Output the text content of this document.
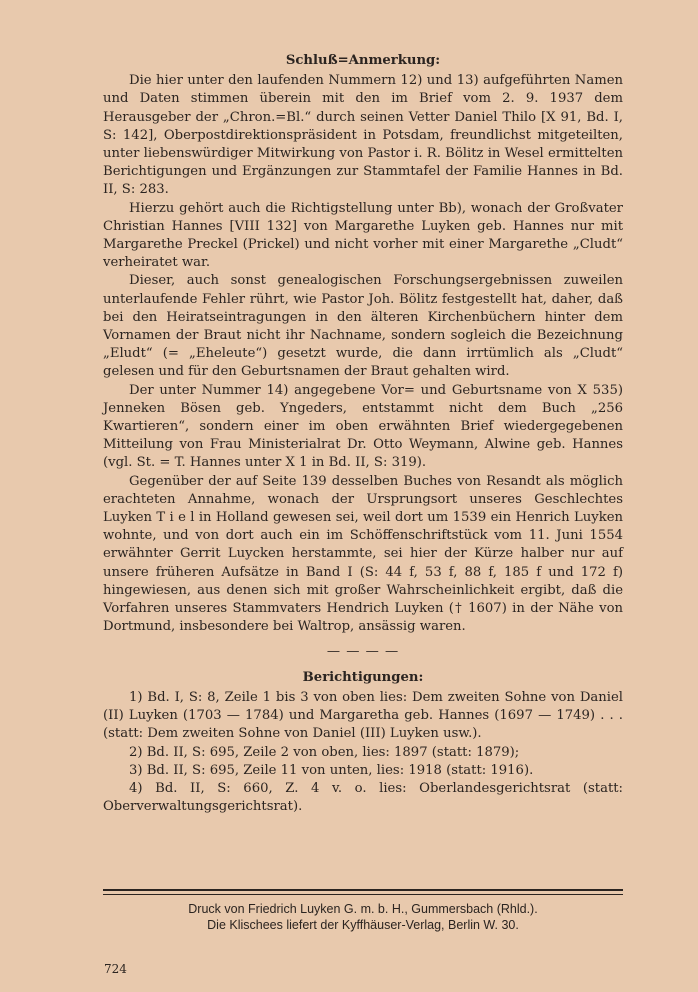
Schluß=Anmerkung:

Die hier unter den laufenden Nummern 12) und 13) aufgeführten Namen und Daten stimmen überein mit den im Brief vom 2. 9. 1937 dem Herausgeber der „Chron.=Bl.“ durch seinen Vetter Daniel Thilo [X 91, Bd. I, S: 142], Oberpostdirektionspräsident in Potsdam, freundlichst mitgeteilten, unter liebenswürdiger Mitwirkung von Pastor i. R. Bölitz in Wesel ermittelten Berichtigungen und Ergänzungen zur Stammtafel der Familie Hannes in Bd. II, S: 283.

Hierzu gehört auch die Richtigstellung unter Bb), wonach der Großvater Christian Hannes [VIII 132] von Margarethe Luyken geb. Hannes nur mit Margarethe Preckel (Prickel) und nicht vorher mit einer Margarethe „Cludt“ verheiratet war.

Dieser, auch sonst genealogischen Forschungsergebnissen zuweilen unterlaufende Fehler rührt, wie Pastor Joh. Bölitz festgestellt hat, daher, daß bei den Heiratseintragungen in den älteren Kirchenbüchern hinter dem Vornamen der Braut nicht ihr Nachname, sondern sogleich die Bezeichnung „Eludt“ (= „Eheleute“) gesetzt wurde, die dann irrtümlich als „Cludt“ gelesen und für den Geburtsnamen der Braut gehalten wird.

Der unter Nummer 14) angegebene Vor= und Geburtsname von X 535) Jenneken Bösen geb. Yngeders, entstammt nicht dem Buch „256 Kwartieren“, sondern einer im oben erwähnten Brief wiedergegebenen Mitteilung von Frau Ministerialrat Dr. Otto Weymann, Alwine geb. Hannes (vgl. St. = T. Hannes unter X 1 in Bd. II, S: 319).

Gegenüber der auf Seite 139 desselben Buches von Resandt als möglich erachteten Annahme, wonach der Ursprungsort unseres Geschlechtes Luyken T i e l in Holland gewesen sei, weil dort um 1539 ein Henrich Luyken wohnte, und von dort auch ein im Schöffenschriftstück vom 11. Juni 1554 erwähnter Gerrit Luycken herstammte, sei hier der Kürze halber nur auf unsere früheren Aufsätze in Band I (S: 44 f, 53 f, 88 f, 185 f und 172 f) hingewiesen, aus denen sich mit großer Wahrscheinlichkeit ergibt, daß die Vorfahren unseres Stammvaters Hendrich Luyken († 1607) in der Nähe von Dortmund, insbesondere bei Waltrop, ansässig waren.

— — — —
Berichtigungen:

1) Bd. I, S: 8, Zeile 1 bis 3 von oben lies: Dem zweiten Sohne von Daniel (II) Luyken (1703 — 1784) und Margaretha geb. Hannes (1697 — 1749) . . . (statt: Dem zweiten Sohne von Daniel (III) Luyken usw.).

2) Bd. II, S: 695, Zeile 2 von oben, lies: 1897 (statt: 1879);

3) Bd. II, S: 695, Zeile 11 von unten, lies: 1918 (statt: 1916).

4) Bd. II, S: 660, Z. 4 v. o. lies: Oberlandesgerichtsrat (statt: Oberverwaltungsgerichtsrat).

Druck von Friedrich Luyken G. m. b. H., Gummersbach (Rhld.).
Die Klischees liefert der Kyffhäuser-Verlag, Berlin W. 30.
724
